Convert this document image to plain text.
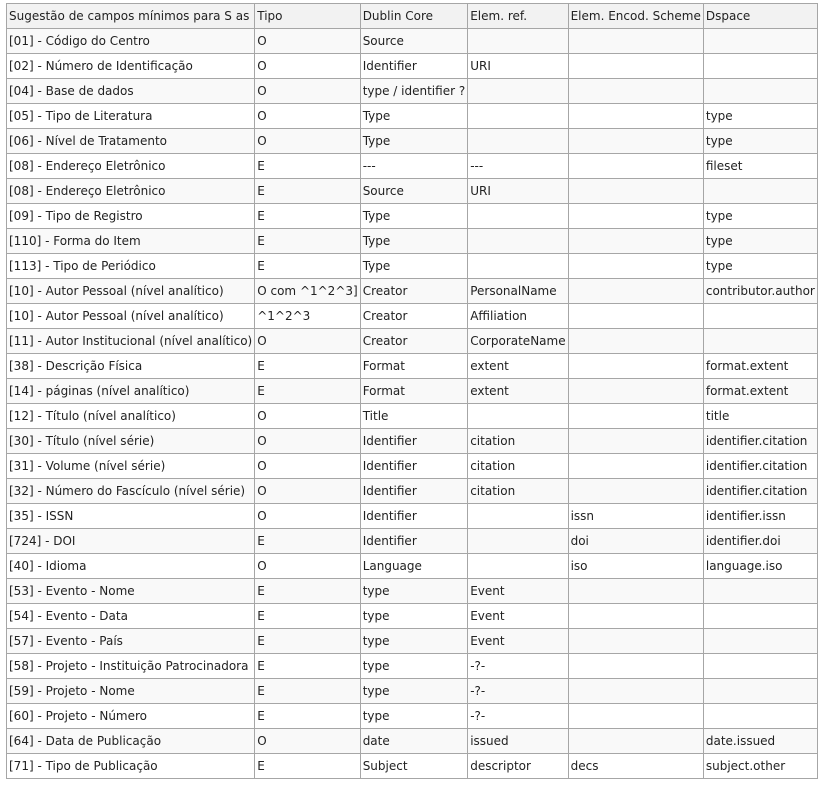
Sugestão de campos mínimos para S as	Tipo	Dublin Core	Elem. ref.	Elem. Encod. Scheme	Dspace
[01] - Código do Centro	O	Source			
[02] - Número de Identificação	O	Identifier	URI		
[04] - Base de dados	O	type / identifier ?			
[05] - Tipo de Literatura	O	Type			type
[06] - Nível de Tratamento	O	Type			type
[08] - Endereço Eletrônico	E	---	---		fileset
[08] - Endereço Eletrônico	E	Source	URI		
[09] - Tipo de Registro	E	Type			type
[110] - Forma do Item	E	Type			type
[113] - Tipo de Periódico	E	Type			type
[10] - Autor Pessoal (nível analítico)	O com ^1^2^3]	Creator	PersonalName		contributor.author
[10] - Autor Pessoal (nível analítico)	^1^2^3	Creator	Affiliation		
[11] - Autor Institucional (nível analítico)	O	Creator	CorporateName		
[38] - Descrição Física	E	Format	extent		format.extent
[14] - páginas (nível analítico)	E	Format	extent		format.extent
[12] - Título (nível analítico)	O	Title			title
[30] - Título (nível série)	O	Identifier	citation		identifier.citation
[31] - Volume (nível série)	O	Identifier	citation		identifier.citation
[32] - Número do Fascículo (nível série)	O	Identifier	citation		identifier.citation
[35] - ISSN	O	Identifier		issn	identifier.issn
[724] - DOI	E	Identifier		doi	identifier.doi
[40] - Idioma	O	Language		iso	language.iso
[53] - Evento - Nome	E	type	Event		
[54] - Evento - Data	E	type	Event		
[57] - Evento - País	E	type	Event		
[58] - Projeto - Instituição Patrocinadora	E	type	-?-		
[59] - Projeto - Nome	E	type	-?-		
[60] - Projeto - Número	E	type	-?-		
[64] - Data de Publicação	O	date	issued		date.issued
[71] - Tipo de Publicação	E	Subject	descriptor	decs	subject.other
